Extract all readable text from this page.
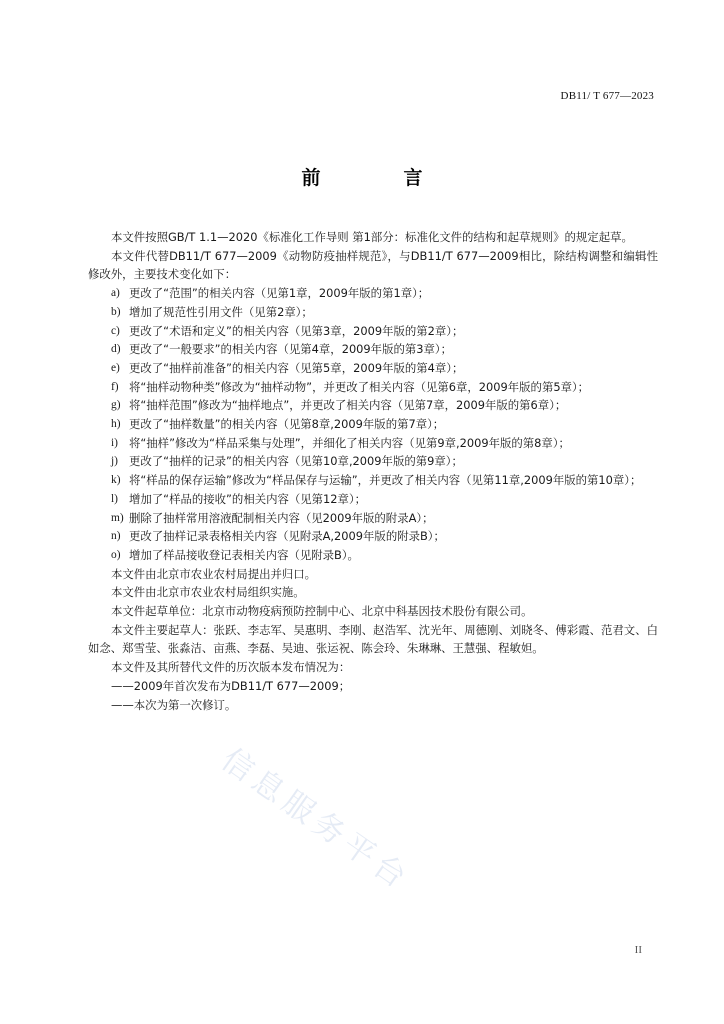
DB11/ T 677—2023
前　言

本文件按照GB/T 1.1—2020《标准化工作导则 第1部分：标准化文件的结构和起草规则》的规定起草。

本文件代替DB11/T 677—2009《动物防疫抽样规范》，与DB11/T 677—2009相比，除结构调整和编辑性修改外，主要技术变化如下：

a) 更改了“范围”的相关内容（见第1章，2009年版的第1章）；
b) 增加了规范性引用文件（见第2章）；
c) 更改了“术语和定义”的相关内容（见第3章，2009年版的第2章）；
d) 更改了“一般要求”的相关内容（见第4章，2009年版的第3章）；
e) 更改了“抽样前准备”的相关内容（见第5章，2009年版的第4章）；
f) 将“抽样动物种类”修改为“抽样动物”，并更改了相关内容（见第6章，2009年版的第5章）；
g) 将“抽样范围”修改为“抽样地点”，并更改了相关内容（见第7章，2009年版的第6章）；
h) 更改了“抽样数量”的相关内容（见第8章,2009年版的第7章）；
i) 将“抽样”修改为“样品采集与处理”，并细化了相关内容（见第9章,2009年版的第8章）；
j) 更改了“抽样的记录”的相关内容（见第10章,2009年版的第9章）；
k) 将“样品的保存运输”修改为“样品保存与运输”，并更改了相关内容（见第11章,2009年版的第10章）；
l) 增加了“样品的接收”的相关内容（见第12章）；
m) 删除了抽样常用溶液配制相关内容（见2009年版的附录A）；
n) 更改了抽样记录表格相关内容（见附录A,2009年版的附录B）；
o) 增加了样品接收登记表相关内容（见附录B）。

本文件由北京市农业农村局提出并归口。

本文件由北京市农业农村局组织实施。

本文件起草单位：北京市动物疫病预防控制中心、北京中科基因技术股份有限公司。

本文件主要起草人：张跃、李志军、吴惠明、李刚、赵浩军、沈光年、周德刚、刘晓冬、傅彩霞、范君文、白如念、郑雪莹、张淼洁、亩燕、李磊、吴迪、张运祝、陈会玲、朱琳琳、王慧强、程敏妲。

本文件及其所替代文件的历次版本发布情况为：

——2009年首次发布为DB11/T 677—2009；

——本次为第一次修订。

信息服务平台
II
